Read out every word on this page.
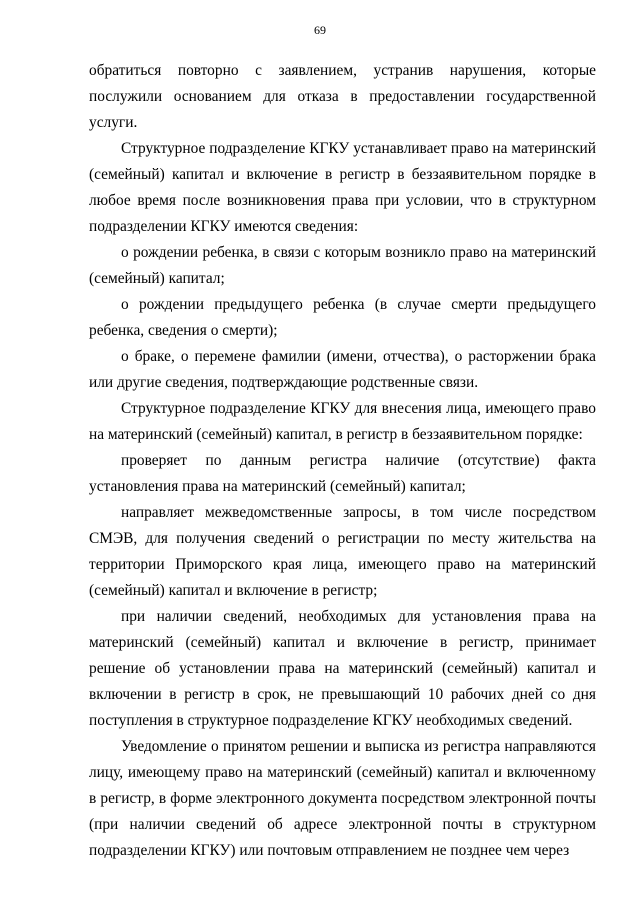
69

обратиться повторно с заявлением, устранив нарушения, которые послужили основанием для отказа в предоставлении государственной услуги.

Структурное подразделение КГКУ устанавливает право на материнский (семейный) капитал и включение в регистр в беззаявительном порядке в любое время после возникновения права при условии, что в структурном подразделении КГКУ имеются сведения:

о рождении ребенка, в связи с которым возникло право на материнский (семейный) капитал;

о рождении предыдущего ребенка (в случае смерти предыдущего ребенка, сведения о смерти);

о браке, о перемене фамилии (имени, отчества), о расторжении брака или другие сведения, подтверждающие родственные связи.

Структурное подразделение КГКУ для внесения лица, имеющего право на материнский (семейный) капитал, в регистр в беззаявительном порядке:

проверяет по данным регистра наличие (отсутствие) факта установления права на материнский (семейный) капитал;

направляет межведомственные запросы, в том числе посредством СМЭВ, для получения сведений о регистрации по месту жительства на территории Приморского края лица, имеющего право на материнский (семейный) капитал и включение в регистр;

при наличии сведений, необходимых для установления права на материнский (семейный) капитал и включение в регистр, принимает решение об установлении права на материнский (семейный) капитал и включении в регистр в срок, не превышающий 10 рабочих дней со дня поступления в структурное подразделение КГКУ необходимых сведений.

Уведомление о принятом решении и выписка из регистра направляются лицу, имеющему право на материнский (семейный) капитал и включенному в регистр, в форме электронного документа посредством электронной почты (при наличии сведений об адресе электронной почты в структурном подразделении КГКУ) или почтовым отправлением не позднее чем через
